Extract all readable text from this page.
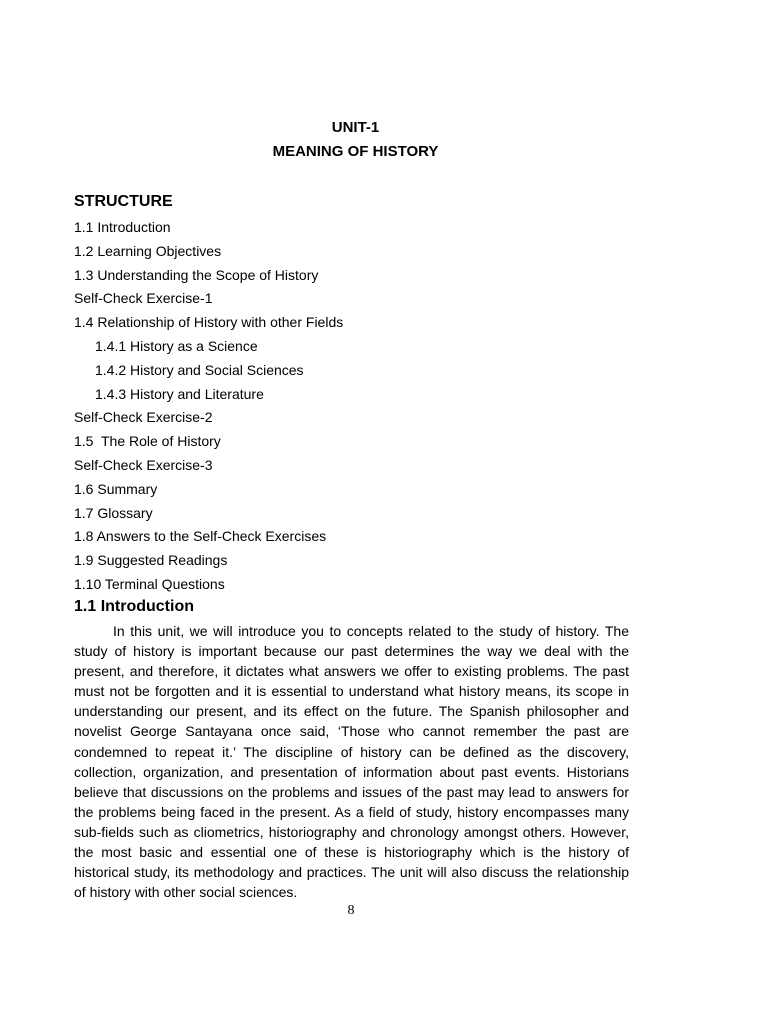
UNIT-1
MEANING OF HISTORY
STRUCTURE
1.1 Introduction
1.2 Learning Objectives
1.3 Understanding the Scope of History
Self-Check Exercise-1
1.4 Relationship of History with other Fields
1.4.1 History as a Science
1.4.2 History and Social Sciences
1.4.3 History and Literature
Self-Check Exercise-2
1.5  The Role of History
Self-Check Exercise-3
1.6 Summary
1.7 Glossary
1.8 Answers to the Self-Check Exercises
1.9 Suggested Readings
1.10 Terminal Questions
1.1 Introduction

In this unit, we will introduce you to concepts related to the study of history. The study of history is important because our past determines the way we deal with the present, and therefore, it dictates what answers we offer to existing problems. The past must not be forgotten and it is essential to understand what history means, its scope in understanding our present, and its effect on the future. The Spanish philosopher and novelist George Santayana once said, ‘Those who cannot remember the past are condemned to repeat it.’ The discipline of history can be defined as the discovery, collection, organization, and presentation of information about past events. Historians believe that discussions on the problems and issues of the past may lead to answers for the problems being faced in the present. As a field of study, history encompasses many sub-fields such as cliometrics, historiography and chronology amongst others. However, the most basic and essential one of these is historiography which is the history of historical study, its methodology and practices. The unit will also discuss the relationship of history with other social sciences.

8
